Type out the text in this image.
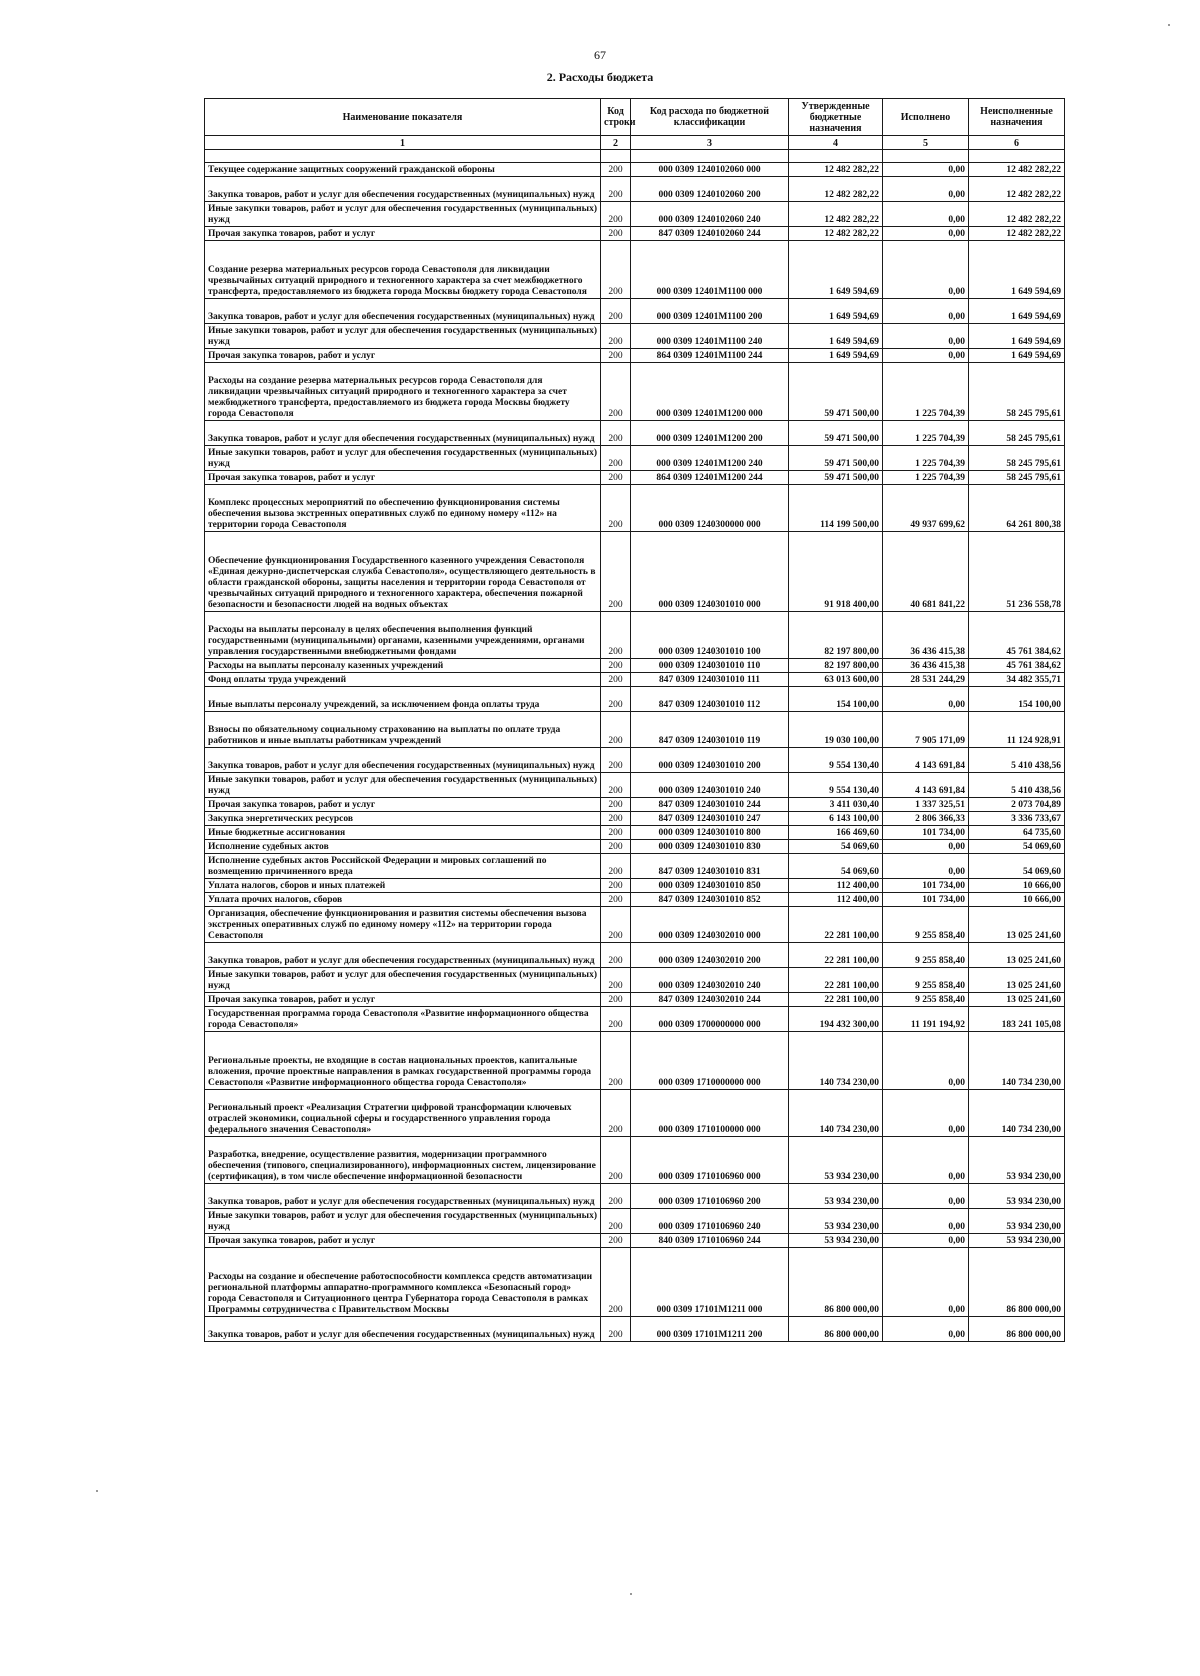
67
2. Расходы бюджета
Наименование показателя	Код строки	Код расхода по бюджетной классификации	Утвержденные бюджетные назначения	Исполнено	Неисполненные назначения
1	2	3	4	5	6

Текущее содержание защитных сооружений гражданской обороны	200	000 0309 1240102060 000	12 482 282,22	0,00	12 482 282,22
Закупка товаров, работ и услуг для обеспечения государственных (муниципальных) нужд	200	000 0309 1240102060 200	12 482 282,22	0,00	12 482 282,22
Иные закупки товаров, работ и услуг для обеспечения государственных (муниципальных) нужд	200	000 0309 1240102060 240	12 482 282,22	0,00	12 482 282,22
Прочая закупка товаров, работ и услуг	200	847 0309 1240102060 244	12 482 282,22	0,00	12 482 282,22
Создание резерва материальных ресурсов города Севастополя для ликвидации чрезвычайных ситуаций природного и техногенного характера за счет межбюджетного трансферта, предоставляемого из бюджета города Москвы бюджету города Севастополя	200	000 0309 12401М1100 000	1 649 594,69	0,00	1 649 594,69
Закупка товаров, работ и услуг для обеспечения государственных (муниципальных) нужд	200	000 0309 12401М1100 200	1 649 594,69	0,00	1 649 594,69
Иные закупки товаров, работ и услуг для обеспечения государственных (муниципальных) нужд	200	000 0309 12401М1100 240	1 649 594,69	0,00	1 649 594,69
Прочая закупка товаров, работ и услуг	200	864 0309 12401М1100 244	1 649 594,69	0,00	1 649 594,69
Расходы на создание резерва материальных ресурсов города Севастополя для ликвидации чрезвычайных ситуаций природного и техногенного характера за счет межбюджетного трансферта, предоставляемого из бюджета города Москвы бюджету города Севастополя	200	000 0309 12401М1200 000	59 471 500,00	1 225 704,39	58 245 795,61
Закупка товаров, работ и услуг для обеспечения государственных (муниципальных) нужд	200	000 0309 12401М1200 200	59 471 500,00	1 225 704,39	58 245 795,61
Иные закупки товаров, работ и услуг для обеспечения государственных (муниципальных) нужд	200	000 0309 12401М1200 240	59 471 500,00	1 225 704,39	58 245 795,61
Прочая закупка товаров, работ и услуг	200	864 0309 12401М1200 244	59 471 500,00	1 225 704,39	58 245 795,61
Комплекс процессных мероприятий по обеспечению функционирования системы обеспечения вызова экстренных оперативных служб по единому номеру «112» на территории города Севастополя	200	000 0309 1240300000 000	114 199 500,00	49 937 699,62	64 261 800,38
Обеспечение функционирования Государственного казенного учреждения Севастополя «Единая дежурно-диспетчерская служба Севастополя», осуществляющего деятельность в области гражданской обороны, защиты населения и территории города Севастополя от чрезвычайных ситуаций природного и техногенного характера, обеспечения пожарной безопасности и безопасности людей на водных объектах	200	000 0309 1240301010 000	91 918 400,00	40 681 841,22	51 236 558,78
Расходы на выплаты персоналу в целях обеспечения выполнения функций государственными (муниципальными) органами, казенными учреждениями, органами управления государственными внебюджетными фондами	200	000 0309 1240301010 100	82 197 800,00	36 436 415,38	45 761 384,62
Расходы на выплаты персоналу казенных учреждений	200	000 0309 1240301010 110	82 197 800,00	36 436 415,38	45 761 384,62
Фонд оплаты труда учреждений	200	847 0309 1240301010 111	63 013 600,00	28 531 244,29	34 482 355,71
Иные выплаты персоналу учреждений, за исключением фонда оплаты труда	200	847 0309 1240301010 112	154 100,00	0,00	154 100,00
Взносы по обязательному социальному страхованию на выплаты по оплате труда работников и иные выплаты работникам учреждений	200	847 0309 1240301010 119	19 030 100,00	7 905 171,09	11 124 928,91
Закупка товаров, работ и услуг для обеспечения государственных (муниципальных) нужд	200	000 0309 1240301010 200	9 554 130,40	4 143 691,84	5 410 438,56
Иные закупки товаров, работ и услуг для обеспечения государственных (муниципальных) нужд	200	000 0309 1240301010 240	9 554 130,40	4 143 691,84	5 410 438,56
Прочая закупка товаров, работ и услуг	200	847 0309 1240301010 244	3 411 030,40	1 337 325,51	2 073 704,89
Закупка энергетических ресурсов	200	847 0309 1240301010 247	6 143 100,00	2 806 366,33	3 336 733,67
Иные бюджетные ассигнования	200	000 0309 1240301010 800	166 469,60	101 734,00	64 735,60
Исполнение судебных актов	200	000 0309 1240301010 830	54 069,60	0,00	54 069,60
Исполнение судебных актов Российской Федерации и мировых соглашений по возмещению причиненного вреда	200	847 0309 1240301010 831	54 069,60	0,00	54 069,60
Уплата налогов, сборов и иных платежей	200	000 0309 1240301010 850	112 400,00	101 734,00	10 666,00
Уплата прочих налогов, сборов	200	847 0309 1240301010 852	112 400,00	101 734,00	10 666,00
Организация, обеспечение функционирования и развития системы обеспечения вызова экстренных оперативных служб по единому номеру «112» на территории города Севастополя	200	000 0309 1240302010 000	22 281 100,00	9 255 858,40	13 025 241,60
Закупка товаров, работ и услуг для обеспечения государственных (муниципальных) нужд	200	000 0309 1240302010 200	22 281 100,00	9 255 858,40	13 025 241,60
Иные закупки товаров, работ и услуг для обеспечения государственных (муниципальных) нужд	200	000 0309 1240302010 240	22 281 100,00	9 255 858,40	13 025 241,60
Прочая закупка товаров, работ и услуг	200	847 0309 1240302010 244	22 281 100,00	9 255 858,40	13 025 241,60
Государственная программа города Севастополя «Развитие информационного общества города Севастополя»	200	000 0309 1700000000 000	194 432 300,00	11 191 194,92	183 241 105,08
Региональные проекты, не входящие в состав национальных проектов, капитальные вложения, прочие проектные направления в рамках государственной программы города Севастополя «Развитие информационного общества города Севастополя»	200	000 0309 1710000000 000	140 734 230,00	0,00	140 734 230,00
Региональный проект «Реализация Стратегии цифровой трансформации ключевых отраслей экономики, социальной сферы и государственного управления города федерального значения Севастополя»	200	000 0309 1710100000 000	140 734 230,00	0,00	140 734 230,00
Разработка, внедрение, осуществление развития, модернизации программного обеспечения (типового, специализированного), информационных систем, лицензирование (сертификация), в том числе обеспечение информационной безопасности	200	000 0309 1710106960 000	53 934 230,00	0,00	53 934 230,00
Закупка товаров, работ и услуг для обеспечения государственных (муниципальных) нужд	200	000 0309 1710106960 200	53 934 230,00	0,00	53 934 230,00
Иные закупки товаров, работ и услуг для обеспечения государственных (муниципальных) нужд	200	000 0309 1710106960 240	53 934 230,00	0,00	53 934 230,00
Прочая закупка товаров, работ и услуг	200	840 0309 1710106960 244	53 934 230,00	0,00	53 934 230,00
Расходы на создание и обеспечение работоспособности комплекса средств автоматизации региональной платформы аппаратно-программного комплекса «Безопасный город» города Севастополя и Ситуационного центра Губернатора города Севастополя в рамках Программы сотрудничества с Правительством Москвы	200	000 0309 17101М1211 000	86 800 000,00	0,00	86 800 000,00
Закупка товаров, работ и услуг для обеспечения государственных (муниципальных) нужд	200	000 0309 17101М1211 200	86 800 000,00	0,00	86 800 000,00
